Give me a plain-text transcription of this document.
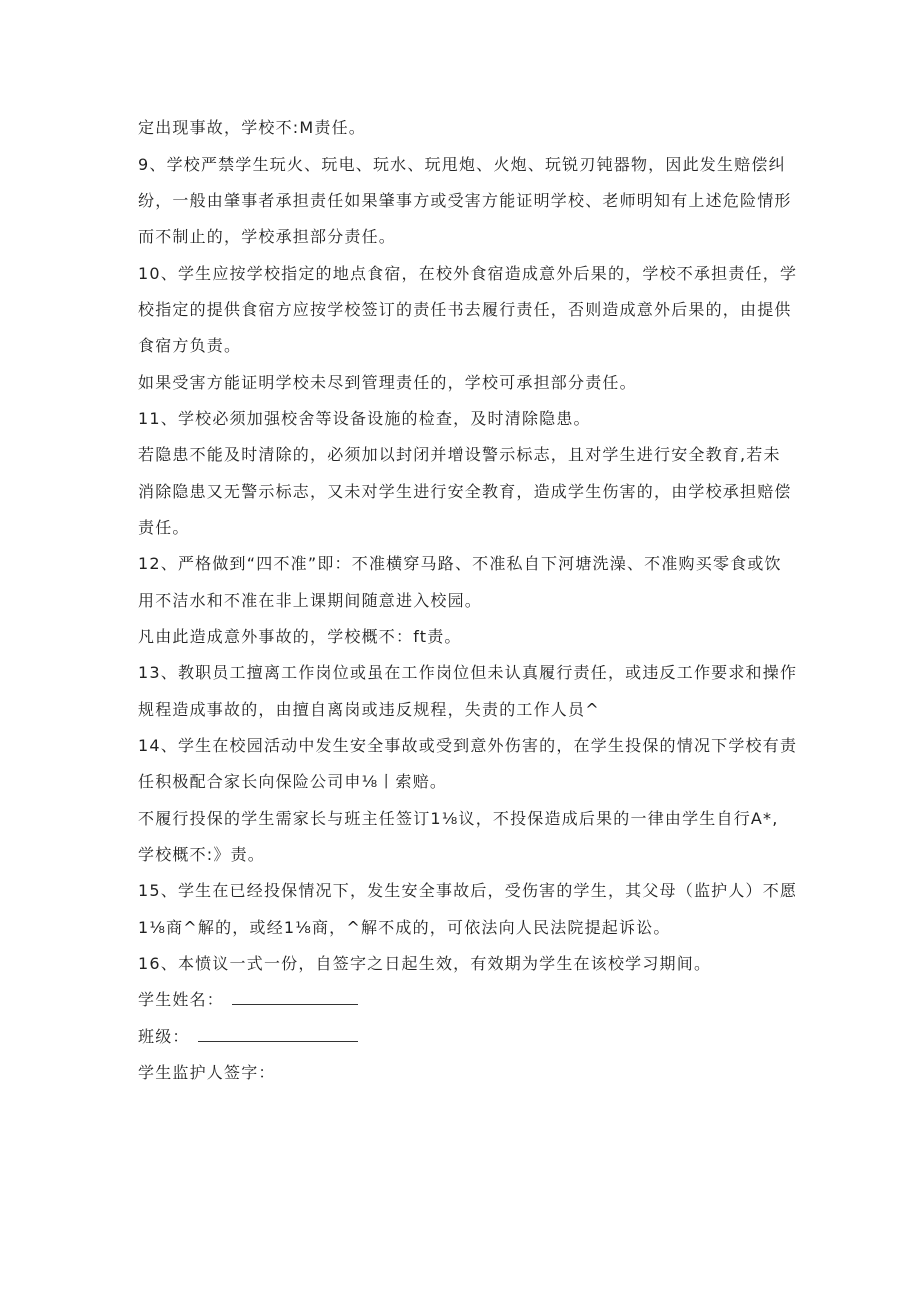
定出现事故，学校不:M责任。
9、学校严禁学生玩火、玩电、玩水、玩甩炮、火炮、玩锐刃钝器物，因此发生赔偿纠
纷，一般由肇事者承担责任如果肇事方或受害方能证明学校、老师明知有上述危险情形
而不制止的，学校承担部分责任。
10、学生应按学校指定的地点食宿，在校外食宿造成意外后果的，学校不承担责任，学
校指定的提供食宿方应按学校签订的责任书去履行责任，否则造成意外后果的，由提供
食宿方负责。
如果受害方能证明学校未尽到管理责任的，学校可承担部分责任。
11、学校必须加强校舍等设备设施的检查，及时清除隐患。
若隐患不能及时清除的，必须加以封闭并增设警示标志，且对学生进行安全教育,若未
消除隐患又无警示标志，又未对学生进行安全教育，造成学生伤害的，由学校承担赔偿
责任。
12、严格做到“四不准”即：不准横穿马路、不准私自下河塘洗澡、不准购买零食或饮
用不洁水和不准在非上课期间随意进入校园。
凡由此造成意外事故的，学校概不：ft责。
13、教职员工擅离工作岗位或虽在工作岗位但未认真履行责任，或违反工作要求和操作
规程造成事故的，由擅自离岗或违反规程，失责的工作人员^
14、学生在校园活动中发生安全事故或受到意外伤害的，在学生投保的情况下学校有责
任积极配合家长向保险公司申⅛丨索赔。
不履行投保的学生需家长与班主任签订1⅛议，不投保造成后果的一律由学生自行A*,
学校概不:》责。
15、学生在已经投保情况下，发生安全事故后，受伤害的学生，其父母（监护人）不愿
1⅛商^解的，或经1⅛商，^解不成的，可依法向人民法院提起诉讼。
16、本愤议一式一份，自签字之日起生效，有效期为学生在该校学习期间。
学生姓名：
班级：
学生监护人签字：
